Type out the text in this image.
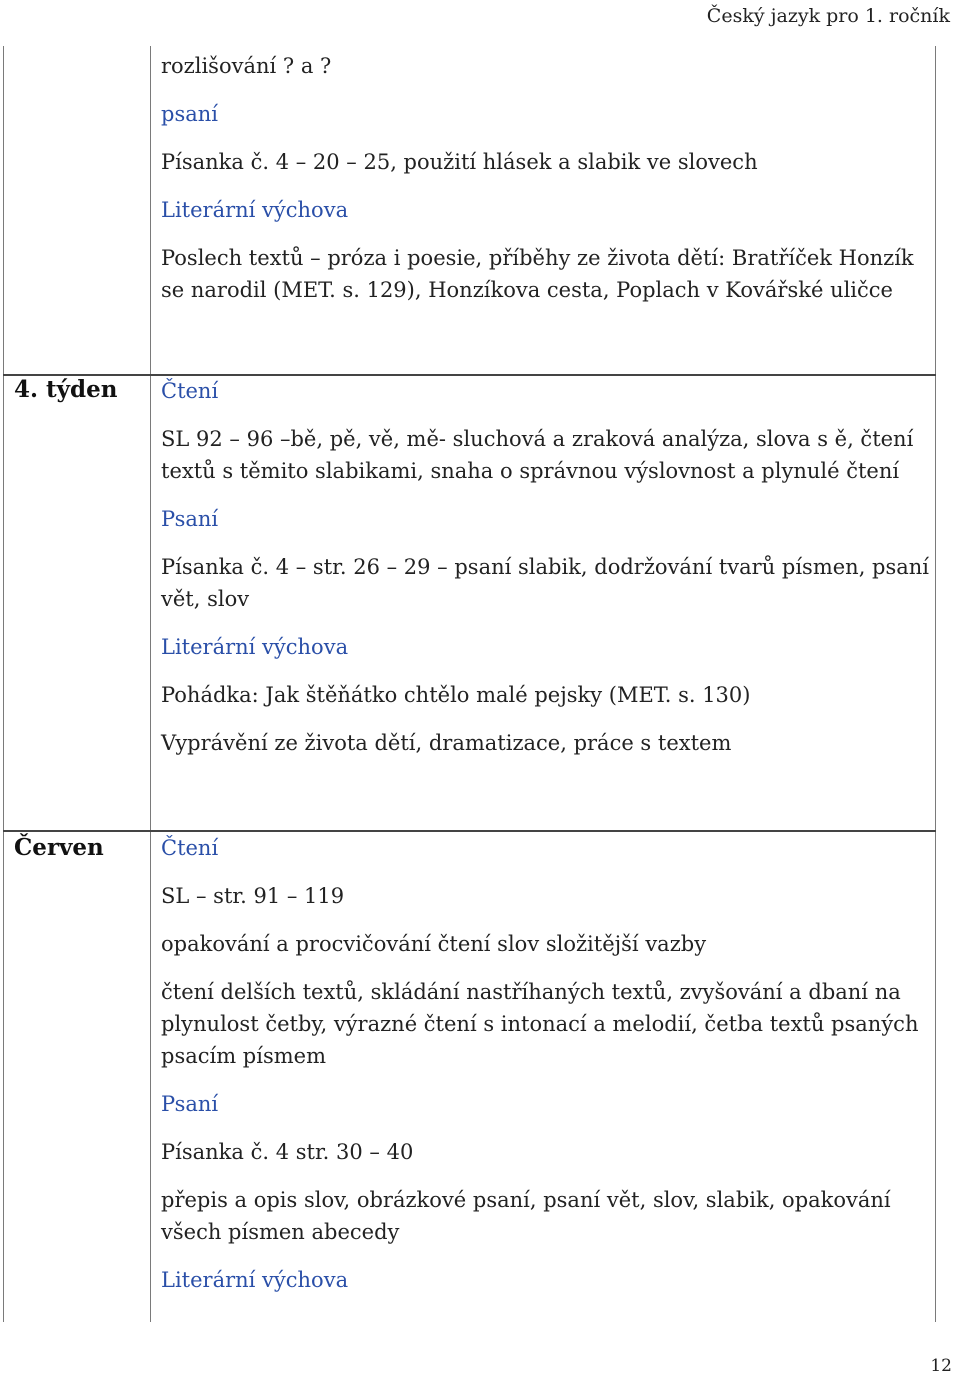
Český jazyk pro 1. ročník
4. týden
Červen

rozlišování ? a ?

psaní

Písanka č. 4 – 20 – 25, použití hlásek a slabik ve slovech

Literární výchova

Poslech textů – próza i poesie, příběhy ze života dětí: Bratříček Honzík se narodil (MET. s. 129), Honzíkova cesta, Poplach v Kovářské uličce

Čtení

SL 92 – 96 –bě, pě, vě, mě- sluchová a zraková analýza, slova s ě, čtení textů s těmito slabikami, snaha o správnou výslovnost a plynulé čtení

Psaní

Písanka č. 4 – str. 26 – 29 – psaní slabik, dodržování tvarů písmen, psaní vět, slov

Literární výchova

Pohádka: Jak štěňátko chtělo malé pejsky (MET. s. 130)

Vyprávění ze života dětí, dramatizace, práce s textem

Čtení

SL – str. 91 – 119

opakování a procvičování čtení slov složitější vazby

čtení delších textů, skládání nastříhaných textů, zvyšování a dbaní na plynulost četby, výrazné čtení s intonací a melodií, četba textů psaných psacím písmem

Psaní

Písanka č. 4 str. 30 – 40

přepis a opis slov, obrázkové psaní, psaní vět, slov, slabik, opakování všech písmen abecedy

Literární výchova

12
